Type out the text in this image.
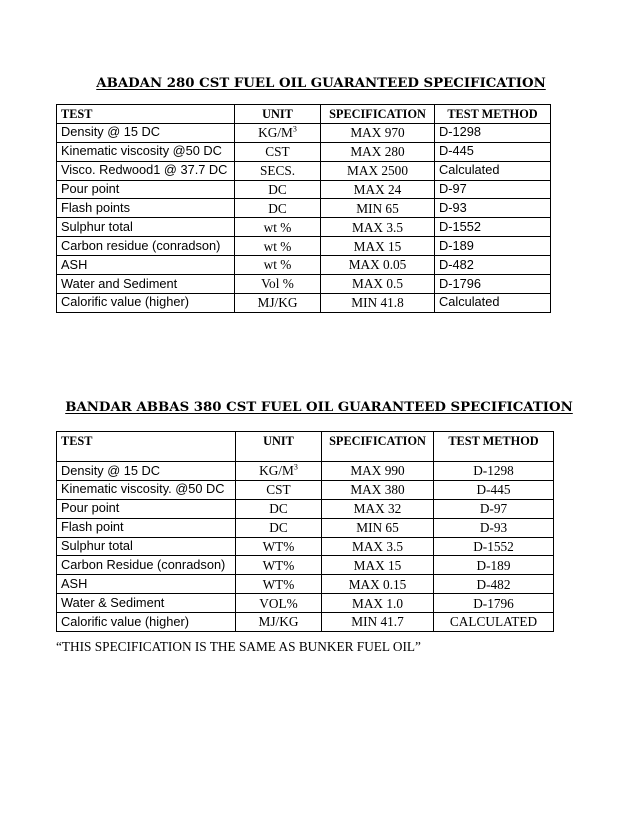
ABADAN 280 CST FUEL OIL GUARANTEED SPECIFICATION
TEST	UNIT	SPECIFICATION	TEST METHOD
Density @ 15 DC	$KG/M^3$	MAX 970	D-1298
Kinematic viscosity @50 DC	CST	MAX 280	D-445
Visco. Redwood1 @ 37.7 DC	SECS.	MAX 2500	Calculated
Pour point	DC	MAX 24	D-97
Flash points	DC	MIN 65	D-93
Sulphur total	wt %	MAX 3.5	D-1552
Carbon residue (conradson)	wt %	MAX 15	D-189
ASH	wt %	MAX 0.05	D-482
Water and Sediment	Vol %	MAX 0.5	D-1796
Calorific value (higher)	MJ/KG	MIN 41.8	Calculated
BANDAR ABBAS 380 CST FUEL OIL GUARANTEED SPECIFICATION
TEST	UNIT	SPECIFICATION	TEST METHOD
Density @ 15 DC	$KG/M^3$	MAX 990	D-1298
Kinematic viscosity. @50 DC	CST	MAX 380	D-445
Pour point	DC	MAX 32	D-97
Flash point	DC	MIN 65	D-93
Sulphur total	WT%	MAX 3.5	D-1552
Carbon Residue (conradson)	WT%	MAX 15	D-189
ASH	WT%	MAX 0.15	D-482
Water & Sediment	VOL%	MAX 1.0	D-1796
Calorific value (higher)	MJ/KG	MIN 41.7	CALCULATED

“THIS SPECIFICATION IS THE SAME AS BUNKER FUEL OIL”
